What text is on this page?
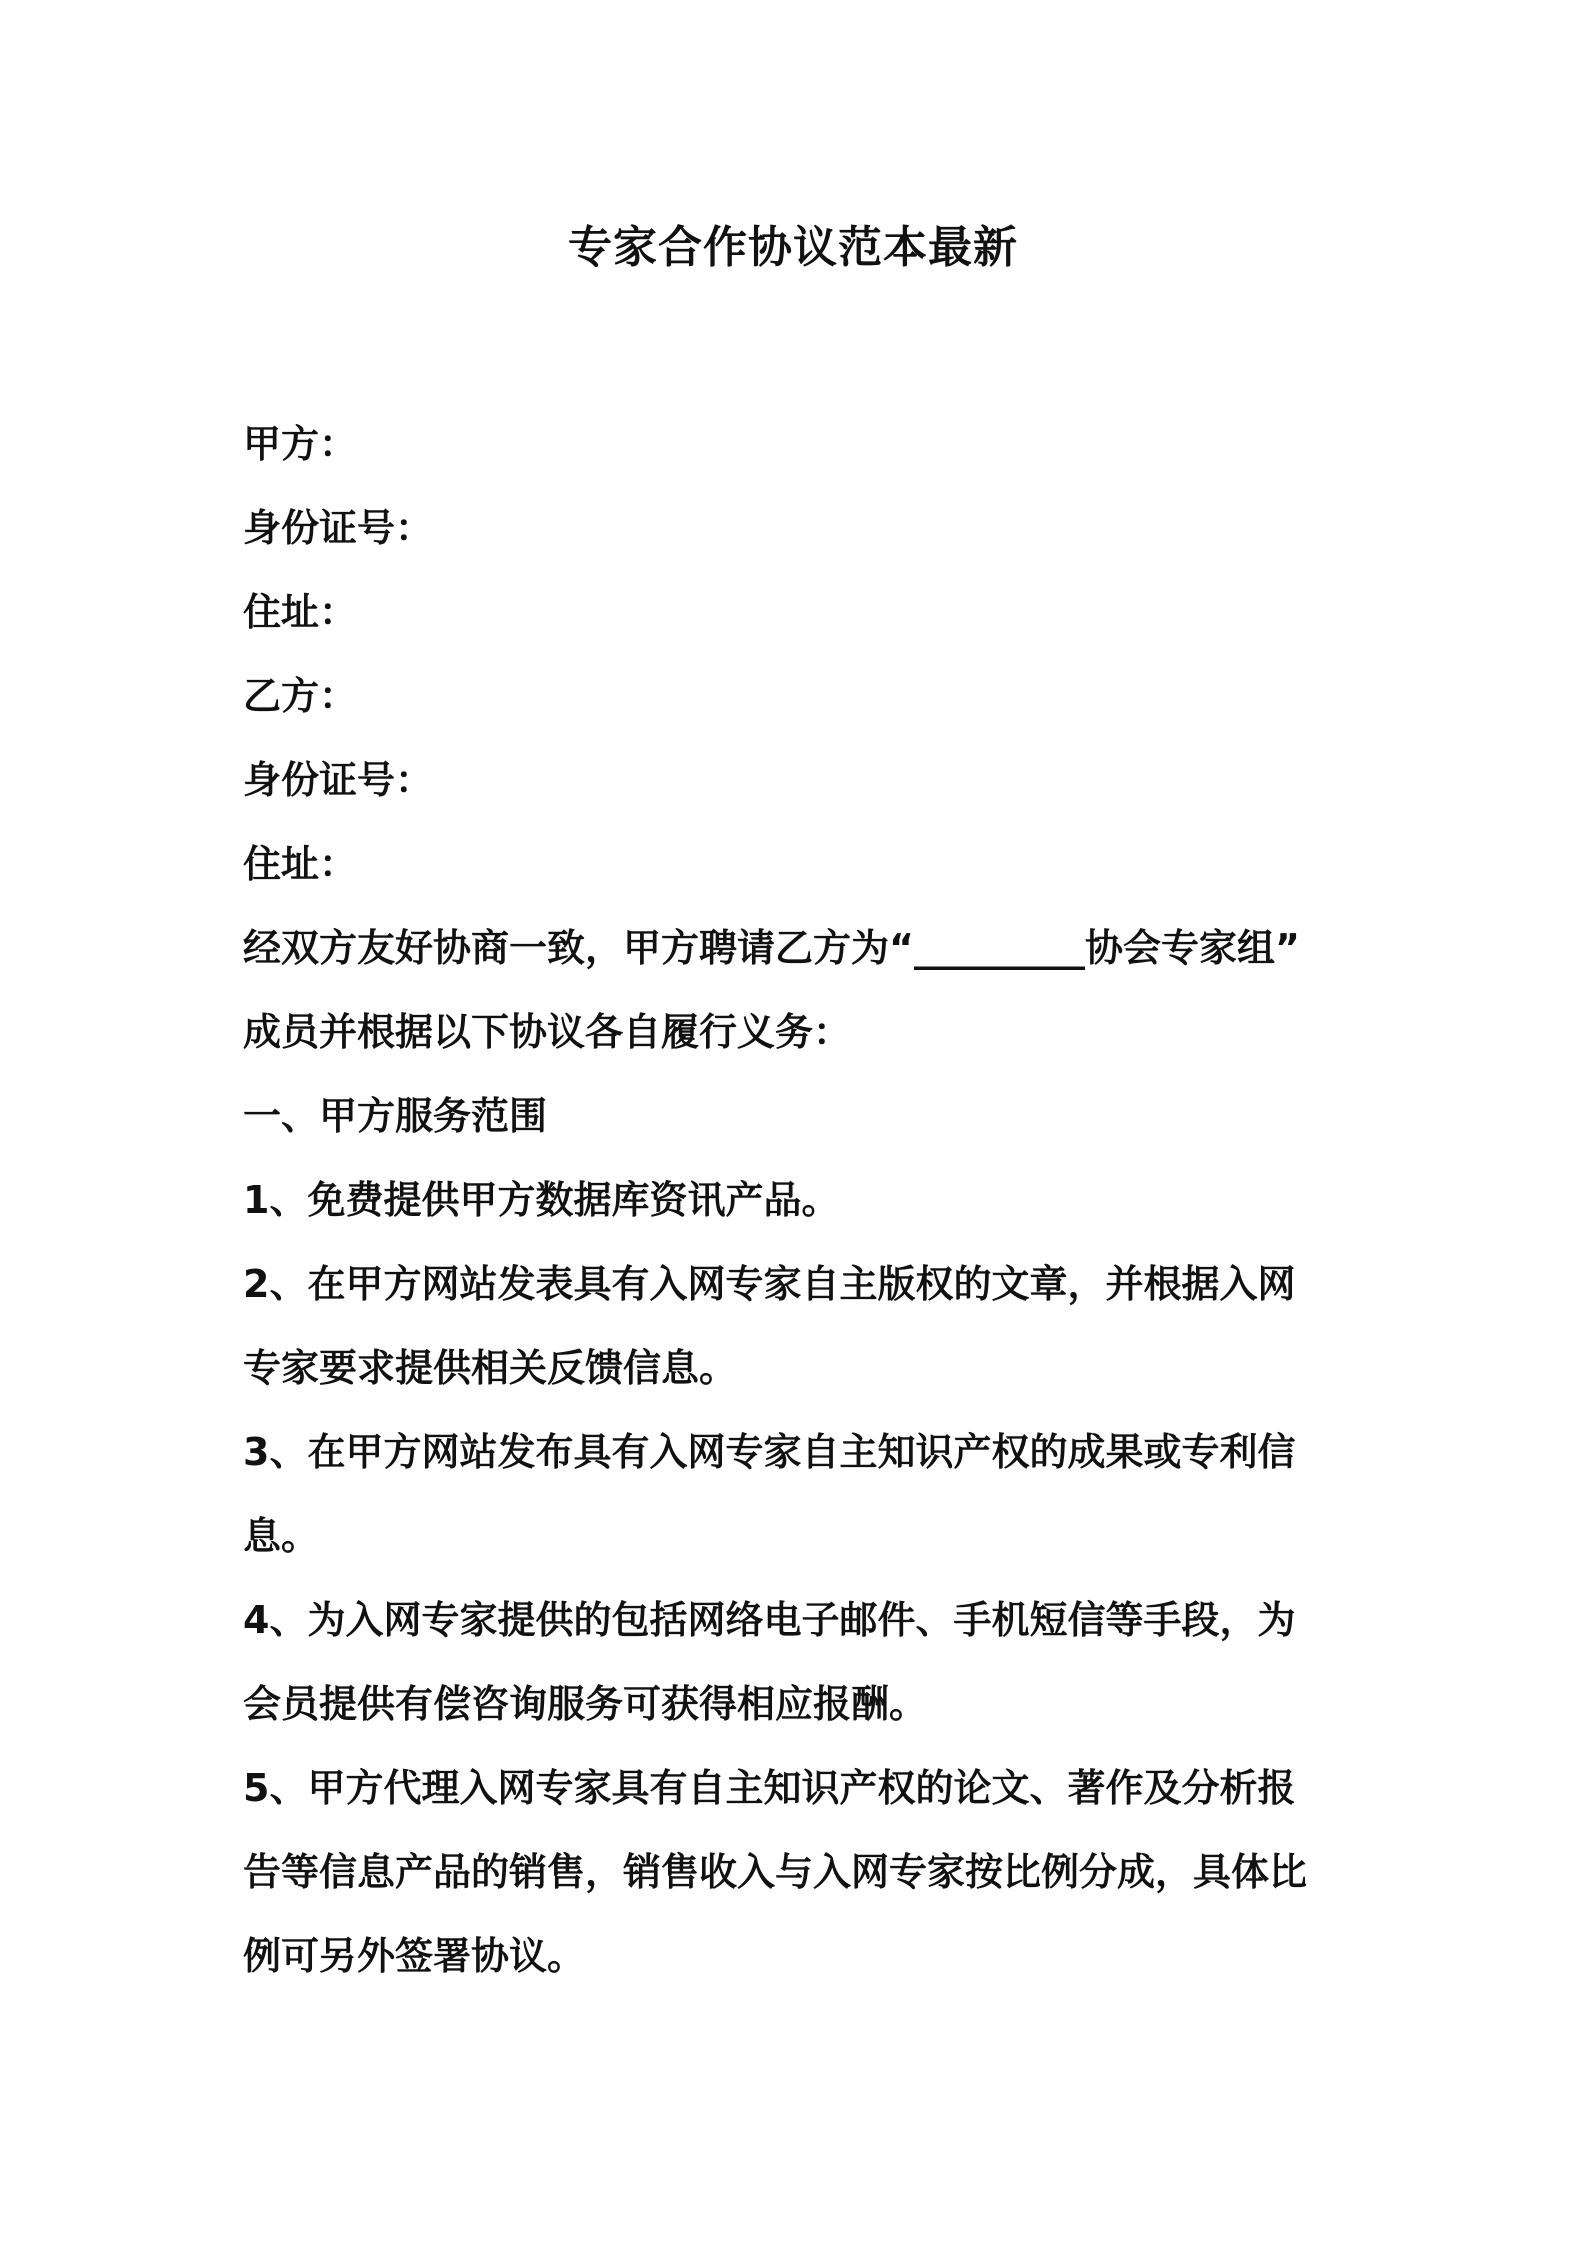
专家合作协议范本最新
甲方：
身份证号：
住址：
乙方：
身份证号：
住址：
经双方友好协商一致，甲方聘请乙方为“_________协会专家组”
成员并根据以下协议各自履行义务：
一、甲方服务范围
1、免费提供甲方数据库资讯产品。
2、在甲方网站发表具有入网专家自主版权的文章，并根据入网
专家要求提供相关反馈信息。
3、在甲方网站发布具有入网专家自主知识产权的成果或专利信
息。
4、为入网专家提供的包括网络电子邮件、手机短信等手段，为
会员提供有偿咨询服务可获得相应报酬。
5、甲方代理入网专家具有自主知识产权的论文、著作及分析报
告等信息产品的销售，销售收入与入网专家按比例分成，具体比
例可另外签署协议。
